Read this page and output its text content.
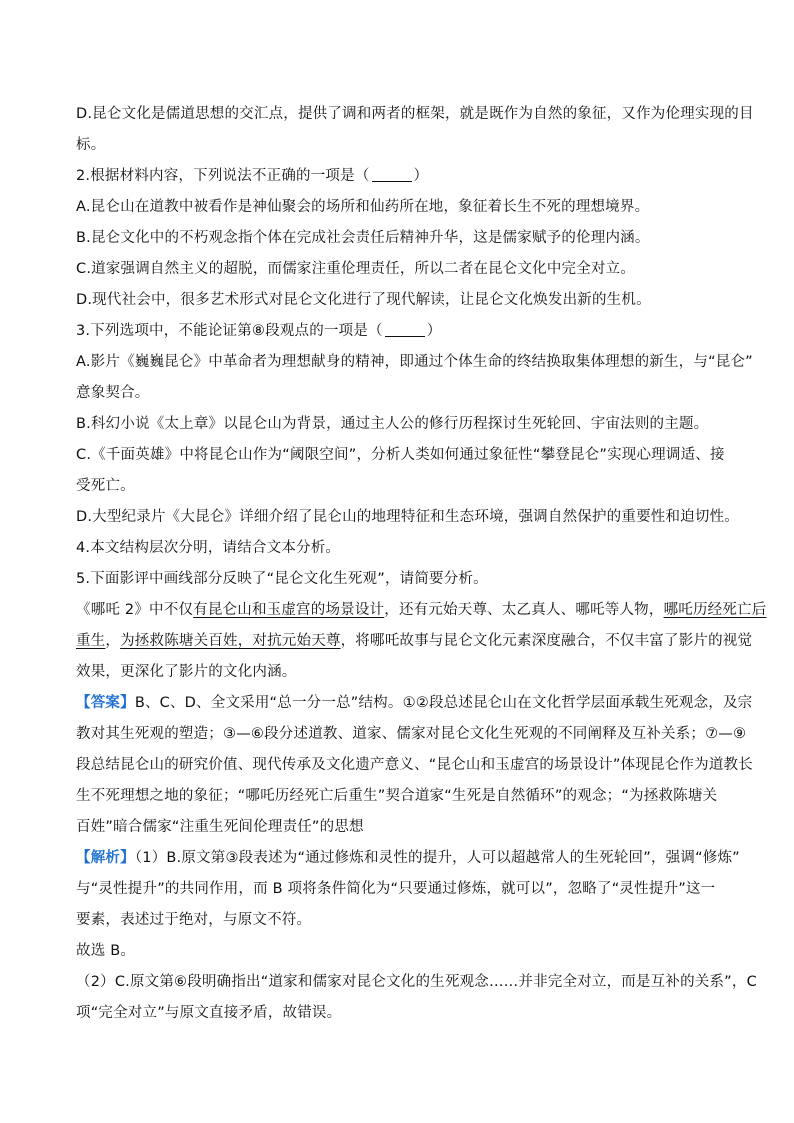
D.昆仑文化是儒道思想的交汇点，提供了调和两者的框架，就是既作为自然的象征，又作为伦理实现的目
标。
2.根据材料内容，下列说法不正确的一项是（	）
A.昆仑山在道教中被看作是神仙聚会的场所和仙药所在地，象征着长生不死的理想境界。
B.昆仑文化中的不朽观念指个体在完成社会责任后精神升华，这是儒家赋予的伦理内涵。
C.道家强调自然主义的超脱，而儒家注重伦理责任，所以二者在昆仑文化中完全对立。
D.现代社会中，很多艺术形式对昆仑文化进行了现代解读，让昆仑文化焕发出新的生机。
3.下列选项中，不能论证第⑧段观点的一项是（	）
A.影片《巍巍昆仑》中革命者为理想献身的精神，即通过个体生命的终结换取集体理想的新生，与“昆仑”
意象契合。
B.科幻小说《太上章》以昆仑山为背景，通过主人公的修行历程探讨生死轮回、宇宙法则的主题。
C.《千面英雄》中将昆仑山作为“阈限空间”，分析人类如何通过象征性“攀登昆仑”实现心理调适、接
受死亡。
D.大型纪录片《大昆仑》详细介绍了昆仑山的地理特征和生态环境，强调自然保护的重要性和迫切性。
4.本文结构层次分明，请结合文本分析。
5.下面影评中画线部分反映了“昆仑文化生死观”，请简要分析。
《哪吒 2》中不仅有昆仑山和玉虚宫的场景设计，还有元始天尊、太乙真人、哪吒等人物，哪吒历经死亡后
重生，为拯救陈塘关百姓，对抗元始天尊，将哪吒故事与昆仑文化元素深度融合，不仅丰富了影片的视觉
效果，更深化了影片的文化内涵。
【答案】B、C、D、全文采用“总一分一总”结构。①②段总述昆仑山在文化哲学层面承载生死观念，及宗
教对其生死观的塑造；③—⑥段分述道教、道家、儒家对昆仑文化生死观的不同阐释及互补关系；⑦—⑨
段总结昆仑山的研究价值、现代传承及文化遗产意义、“昆仑山和玉虚宫的场景设计”体现昆仑作为道教长
生不死理想之地的象征；“哪吒历经死亡后重生”契合道家“生死是自然循环”的观念；“为拯救陈塘关
百姓”暗合儒家“注重生死间伦理责任”的思想
【解析】（1）B.原文第③段表述为“通过修炼和灵性的提升，人可以超越常人的生死轮回”，强调“修炼”
与“灵性提升”的共同作用，而 B 项将条件简化为“只要通过修炼，就可以”，忽略了“灵性提升”这一
要素，表述过于绝对，与原文不符。
故选 B。
（2）C.原文第⑥段明确指出“道家和儒家对昆仑文化的生死观念……并非完全对立，而是互补的关系”，C
项“完全对立”与原文直接矛盾，故错误。
